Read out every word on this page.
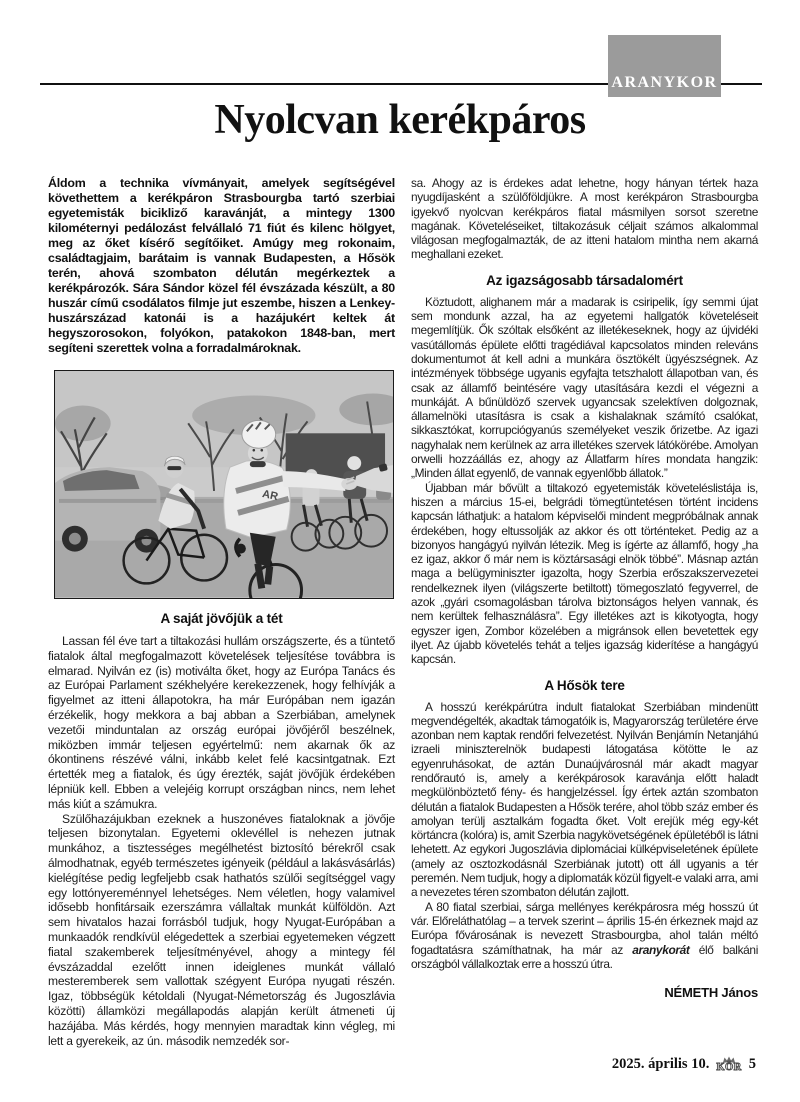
ARANYKOR
Nyolcvan kerékpáros

Áldom a technika vívmányait, amelyek segítségével követhettem a kerékpáron Strasbourgba tartó szerbiai egyetemisták bicikliző karavánját, a mintegy 1300 kilométernyi pedálozást felvállaló 71 fiút és kilenc hölgyet, meg az őket kísérő segítőiket. Amúgy meg rokonaim, családtagjaim, barátaim is vannak Budapesten, a Hősök terén, ahová szombaton délután megérkeztek a kerékpározók. Sára Sándor közel fél évszázada készült, a 80 huszár című csodálatos filmje jut eszembe, hiszen a Lenkey-huszárszázad katonái is a hazájukért keltek át hegyszorosokon, folyókon, patakokon 1848-ban, mert segíteni szerettek volna a forradalmároknak.

AR
A saját jövőjük a tét

Lassan fél éve tart a tiltakozási hullám országszerte, és a tüntető fiatalok által megfogalmazott követelések teljesítése továbbra is elmarad. Nyilván ez (is) motiválta őket, hogy az Európa Tanács és az Európai Parlament székhelyére kerekezzenek, hogy felhívják a figyelmet az itteni állapotokra, ha már Európában nem igazán érzékelik, hogy mekkora a baj abban a Szerbiában, amelynek vezetői minduntalan az ország európai jövőjéről beszélnek, miközben immár teljesen egyértelmű: nem akarnak ők az ókontinens részévé válni, inkább kelet felé kacsintgatnak. Ezt értették meg a fiatalok, és úgy érezték, saját jövőjük érdekében lépniük kell. Ebben a velejéig korrupt országban nincs, nem lehet más kiút a számukra.

Szülőhazájukban ezeknek a huszonéves fiataloknak a jövője teljesen bizonytalan. Egyetemi oklevéllel is nehezen jutnak munkához, a tisztességes megélhetést biztosító bérekről csak álmodhatnak, egyéb természetes igényeik (például a lakásvásárlás) kielégítése pedig legfeljebb csak hathatós szülői segítséggel vagy egy lottónyereménnyel lehetséges. Nem véletlen, hogy valamivel idősebb honfitársaik ezerszámra vállaltak munkát külföldön. Azt sem hivatalos hazai forrásból tudjuk, hogy Nyugat-Európában a munkaadók rendkívül elégedettek a szerbiai egyetemeken végzett fiatal szakemberek teljesítményével, ahogy a mintegy fél évszázaddal ezelőtt innen ideiglenes munkát vállaló mesteremberek sem vallottak szégyent Európa nyugati részén. Igaz, többségük kétoldali (Nyugat-Németország és Jugoszlávia közötti) államközi megállapodás alapján került átmeneti új hazájába. Más kérdés, hogy mennyien maradtak kinn végleg, mi lett a gyerekeik, az ún. második nemzedék sor-

sa. Ahogy az is érdekes adat lehetne, hogy hányan tértek haza nyugdíjasként a szülőföldjükre. A most kerékpáron Strasbourgba igyekvő nyolcvan kerékpáros fiatal másmilyen sorsot szeretne magának. Követeléseiket, tiltakozásuk céljait számos alkalommal világosan megfogalmazták, de az itteni hatalom mintha nem akarná meghallani ezeket.

Az igazságosabb társadalomért

Köztudott, alighanem már a madarak is csiripelik, így semmi újat sem mondunk azzal, ha az egyetemi hallgatók követeléseit megemlítjük. Ők szóltak elsőként az illetékeseknek, hogy az újvidéki vasútállomás épülete előtti tragédiával kapcsolatos minden releváns dokumentumot át kell adni a munkára ösztökélt ügyészségnek. Az intézmények többsége ugyanis egyfajta tetszhalott állapotban van, és csak az államfő beintésére vagy utasítására kezdi el végezni a munkáját. A bűnüldöző szervek ugyancsak szelektíven dolgoznak, államelnöki utasításra is csak a kishalaknak számító csalókat, sikkasztókat, korrupciógyanús személyeket veszik őrizetbe. Az igazi nagyhalak nem kerülnek az arra illetékes szervek látókörébe. Amolyan orwelli hozzáállás ez, ahogy az Állatfarm híres mondata hangzik: „Minden állat egyenlő, de vannak egyenlőbb állatok.”

Újabban már bővült a tiltakozó egyetemisták követeléslistája is, hiszen a március 15-ei, belgrádi tömegtüntetésen történt incidens kapcsán láthatjuk: a hatalom képviselői mindent megpróbálnak annak érdekében, hogy eltussolják az akkor és ott történteket. Pedig az a bizonyos hangágyú nyilván létezik. Meg is ígérte az államfő, hogy „ha ez igaz, akkor ő már nem is köztársasági elnök többé”. Másnap aztán maga a belügyminiszter igazolta, hogy Szerbia erőszakszervezetei rendelkeznek ilyen (világszerte betiltott) tömegoszlató fegyverrel, de azok „gyári csomagolásban tárolva biztonságos helyen vannak, és nem kerültek felhasználásra”. Egy illetékes azt is kikotyogta, hogy egyszer igen, Zombor közelében a migránsok ellen bevetettek egy ilyet. Az újabb követelés tehát a teljes igazság kiderítése a hangágyú kapcsán.

A Hősök tere

A hosszú kerékpárútra indult fiatalokat Szerbiában mindenütt megvendégelték, akadtak támogatóik is, Magyarország területére érve azonban nem kaptak rendőri felvezetést. Nyilván Benjámín Netanjáhú izraeli miniszterelnök budapesti látogatása kötötte le az egyenruhásokat, de aztán Dunaújvárosnál már akadt magyar rendőrautó is, amely a kerékpárosok karavánja előtt haladt megkülönböztető fény- és hangjelzéssel. Így értek aztán szombaton délután a fiatalok Budapesten a Hősök terére, ahol több száz ember és amolyan terülj asztalkám fogadta őket. Volt erejük még egy-két körtáncra (kolóra) is, amit Szerbia nagykövetségének épületéből is látni lehetett. Az egykori Jugoszlávia diplomáciai külképviseletének épülete (amely az osztozkodásnál Szerbiának jutott) ott áll ugyanis a tér peremén. Nem tudjuk, hogy a diplomaták közül figyelt-e valaki arra, ami a nevezetes téren szombaton délután zajlott.

A 80 fiatal szerbiai, sárga mellényes kerékpárosra még hosszú út vár. Előreláthatólag – a tervek szerint – április 15-én érkeznek majd az Európa fővárosának is nevezett Strasbourgba, ahol talán méltó fogadtatásra számíthatnak, ha már az aranykorát élő balkáni országból vállalkoztak erre a hosszú útra.

NÉMETH János
2025. április 10. KÖR 5
